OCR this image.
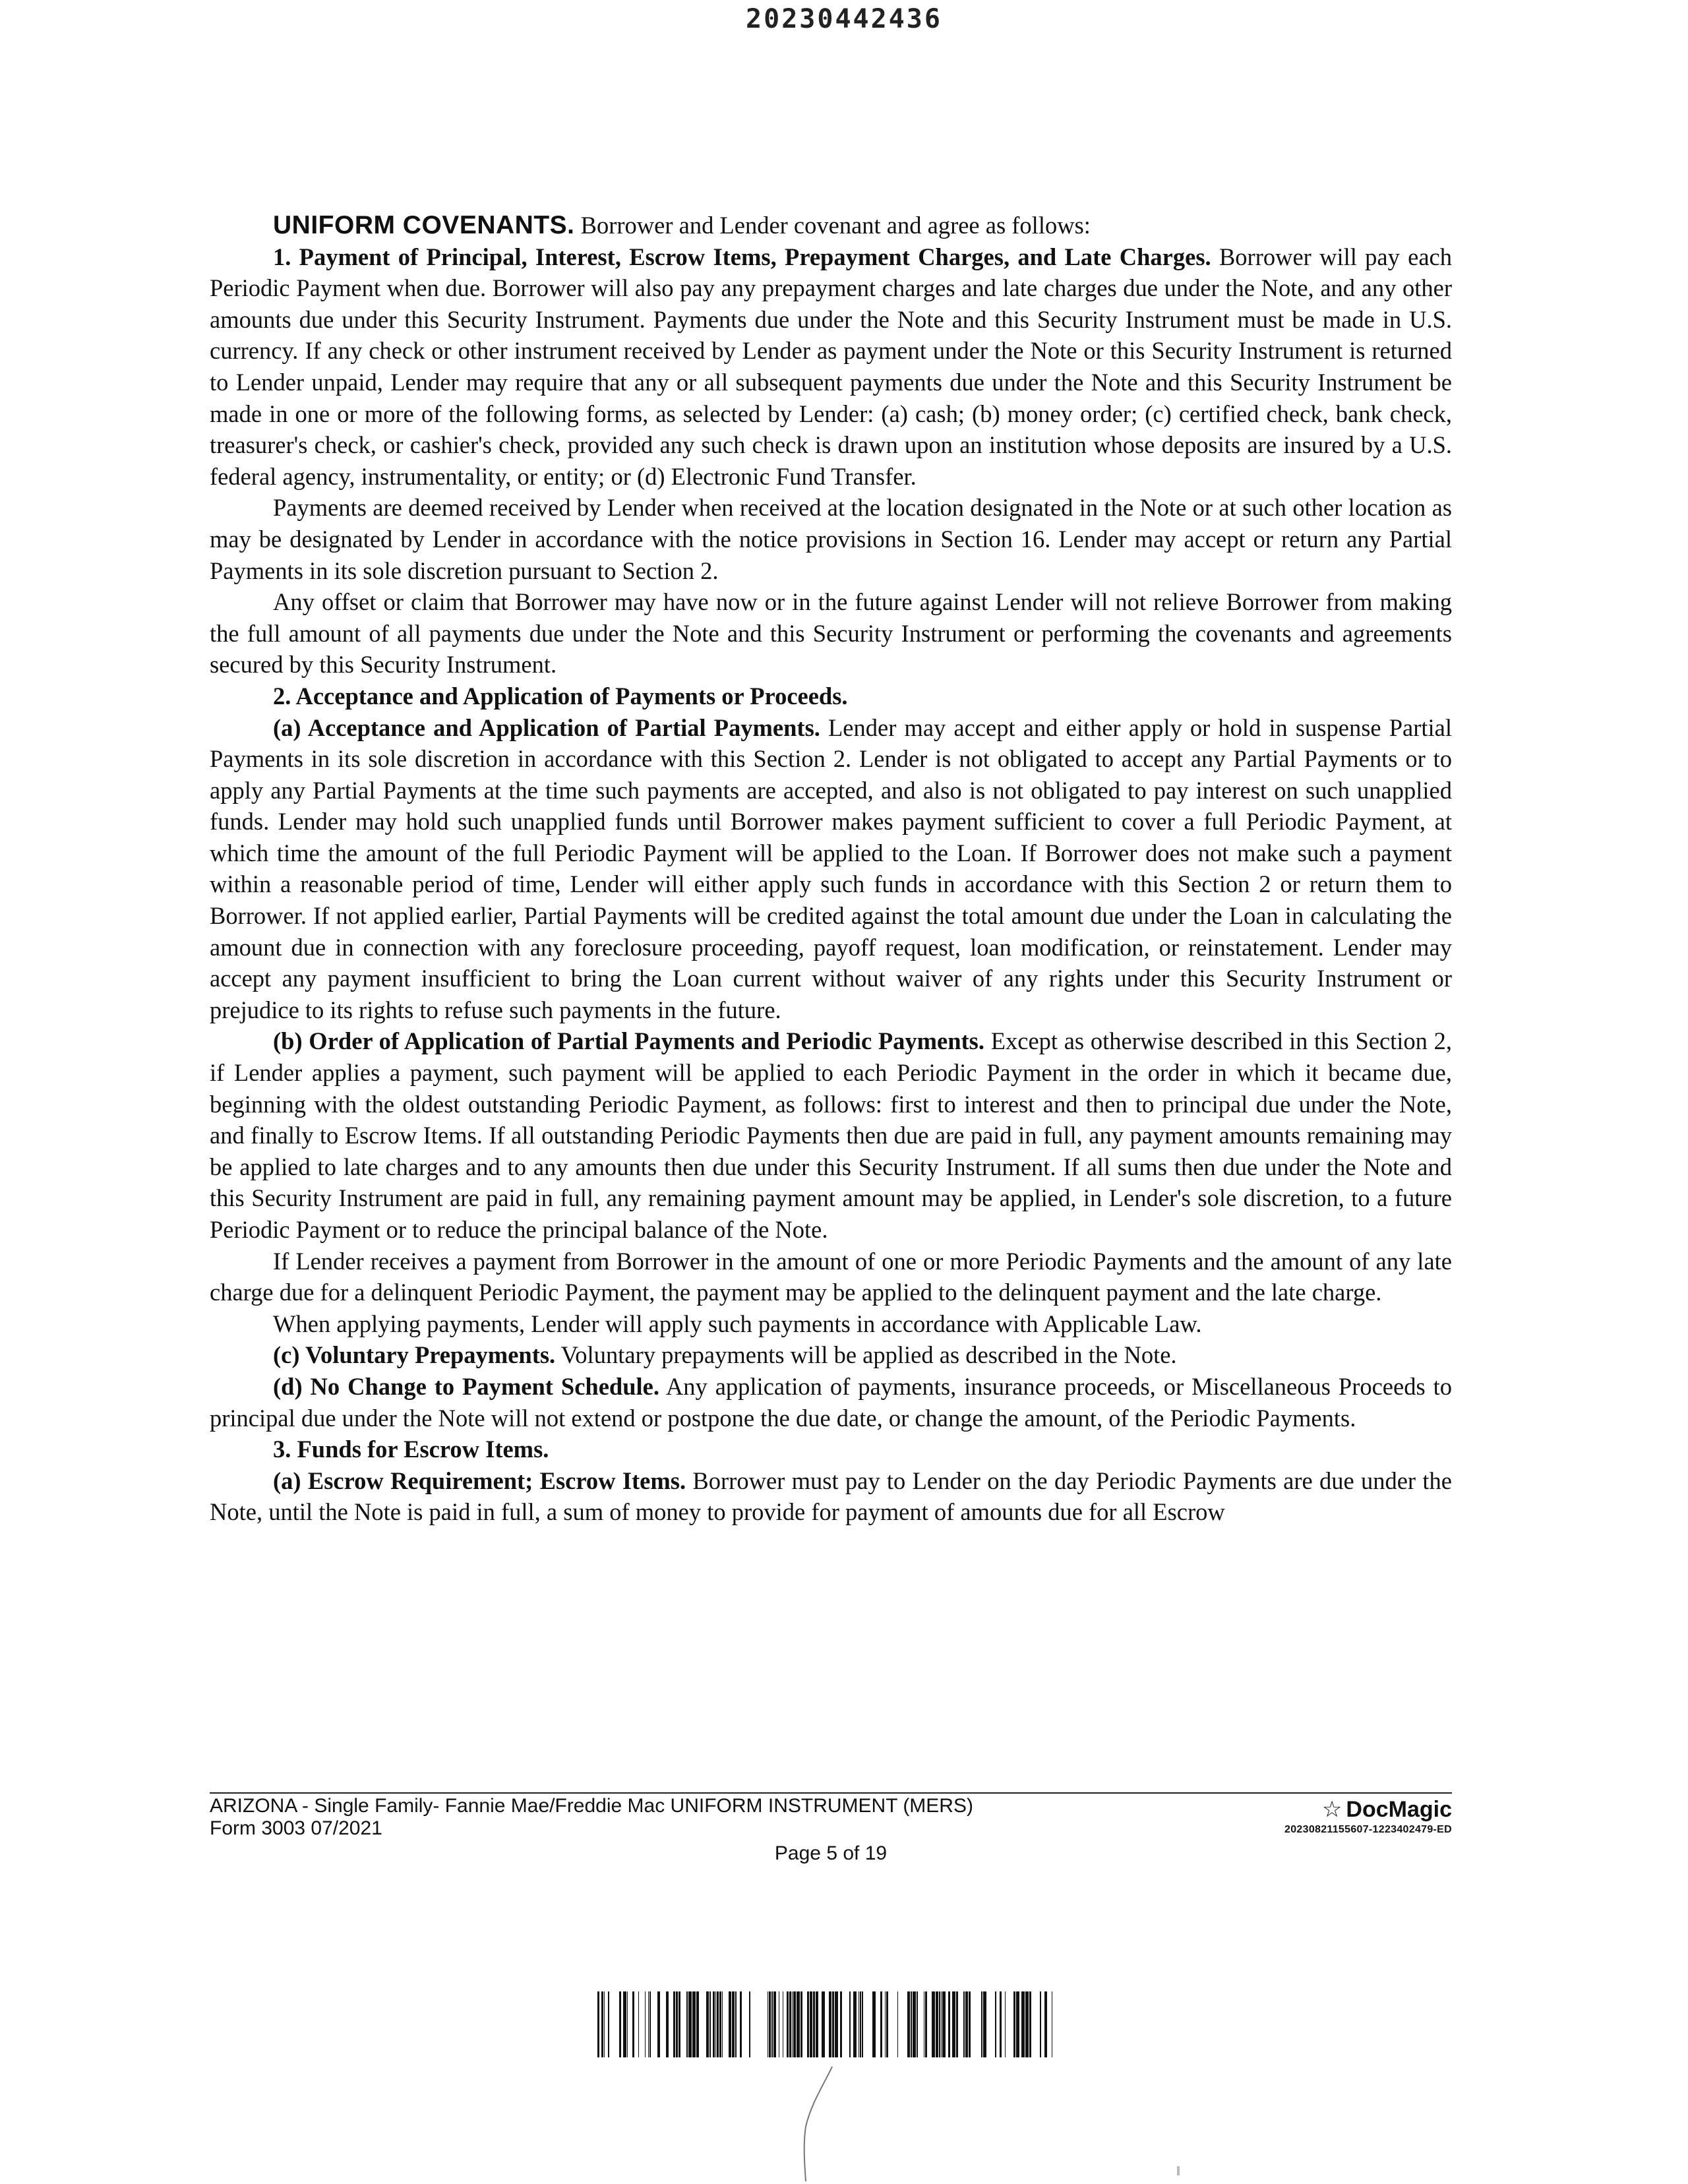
20230442436

UNIFORM COVENANTS. Borrower and Lender covenant and agree as follows:

1. Payment of Principal, Interest, Escrow Items, Prepayment Charges, and Late Charges. Borrower will pay each Periodic Payment when due. Borrower will also pay any prepayment charges and late charges due under the Note, and any other amounts due under this Security Instrument. Payments due under the Note and this Security Instrument must be made in U.S. currency. If any check or other instrument received by Lender as payment under the Note or this Security Instrument is returned to Lender unpaid, Lender may require that any or all subsequent payments due under the Note and this Security Instrument be made in one or more of the following forms, as selected by Lender: (a) cash; (b) money order; (c) certified check, bank check, treasurer's check, or cashier's check, provided any such check is drawn upon an institution whose deposits are insured by a U.S. federal agency, instrumentality, or entity; or (d) Electronic Fund Transfer.

Payments are deemed received by Lender when received at the location designated in the Note or at such other location as may be designated by Lender in accordance with the notice provisions in Section 16. Lender may accept or return any Partial Payments in its sole discretion pursuant to Section 2.

Any offset or claim that Borrower may have now or in the future against Lender will not relieve Borrower from making the full amount of all payments due under the Note and this Security Instrument or performing the covenants and agreements secured by this Security Instrument.

2. Acceptance and Application of Payments or Proceeds.

(a) Acceptance and Application of Partial Payments. Lender may accept and either apply or hold in suspense Partial Payments in its sole discretion in accordance with this Section 2. Lender is not obligated to accept any Partial Payments or to apply any Partial Payments at the time such payments are accepted, and also is not obligated to pay interest on such unapplied funds. Lender may hold such unapplied funds until Borrower makes payment sufficient to cover a full Periodic Payment, at which time the amount of the full Periodic Payment will be applied to the Loan. If Borrower does not make such a payment within a reasonable period of time, Lender will either apply such funds in accordance with this Section 2 or return them to Borrower. If not applied earlier, Partial Payments will be credited against the total amount due under the Loan in calculating the amount due in connection with any foreclosure proceeding, payoff request, loan modification, or reinstatement. Lender may accept any payment insufficient to bring the Loan current without waiver of any rights under this Security Instrument or prejudice to its rights to refuse such payments in the future.

(b) Order of Application of Partial Payments and Periodic Payments. Except as otherwise described in this Section 2, if Lender applies a payment, such payment will be applied to each Periodic Payment in the order in which it became due, beginning with the oldest outstanding Periodic Payment, as follows: first to interest and then to principal due under the Note, and finally to Escrow Items. If all outstanding Periodic Payments then due are paid in full, any payment amounts remaining may be applied to late charges and to any amounts then due under this Security Instrument. If all sums then due under the Note and this Security Instrument are paid in full, any remaining payment amount may be applied, in Lender's sole discretion, to a future Periodic Payment or to reduce the principal balance of the Note.

If Lender receives a payment from Borrower in the amount of one or more Periodic Payments and the amount of any late charge due for a delinquent Periodic Payment, the payment may be applied to the delinquent payment and the late charge.

When applying payments, Lender will apply such payments in accordance with Applicable Law.

(c) Voluntary Prepayments. Voluntary prepayments will be applied as described in the Note.

(d) No Change to Payment Schedule. Any application of payments, insurance proceeds, or Miscellaneous Proceeds to principal due under the Note will not extend or postpone the due date, or change the amount, of the Periodic Payments.

3. Funds for Escrow Items.

(a) Escrow Requirement; Escrow Items. Borrower must pay to Lender on the day Periodic Payments are due under the Note, until the Note is paid in full, a sum of money to provide for payment of amounts due for all Escrow

ARIZONA - Single Family- Fannie Mae/Freddie Mac UNIFORM INSTRUMENT (MERS)
Form 3003 07/2021
☆ DocMagic
20230821155607-1223402479-ED
Page 5 of 19
